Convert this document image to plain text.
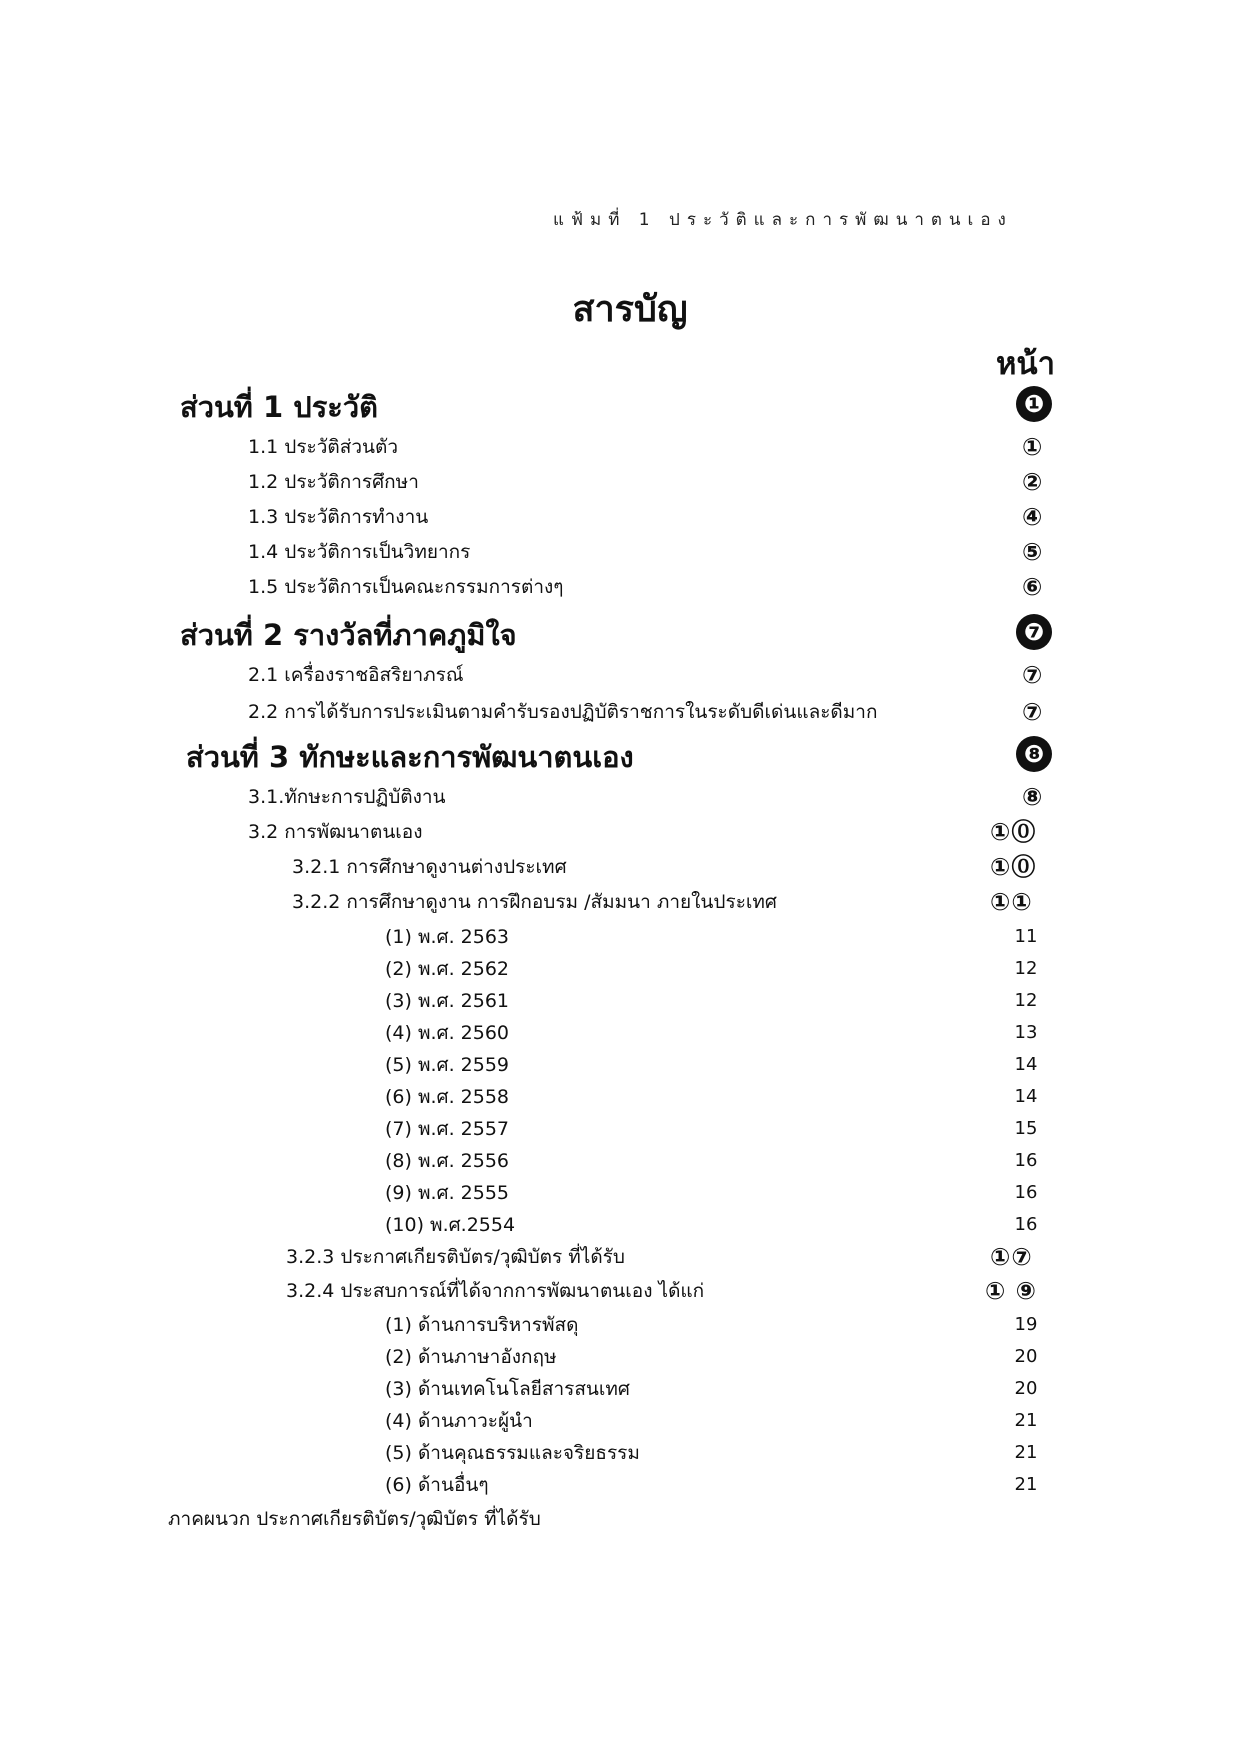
แฟ้มที่ 1 ประวัติและการพัฒนาตนเอง
สารบัญ
หน้า
ส่วนที่ 1 ประวัติ	❶
1.1 ประวัติส่วนตัว	①
1.2 ประวัติการศึกษา	②
1.3 ประวัติการทำงาน	④
1.4 ประวัติการเป็นวิทยากร	⑤
1.5 ประวัติการเป็นคณะกรรมการต่างๆ	⑥
ส่วนที่ 2 รางวัลที่ภาคภูมิใจ	❼
2.1 เครื่องราชอิสริยาภรณ์	⑦
2.2 การได้รับการประเมินตามคำรับรองปฏิบัติราชการในระดับดีเด่นและดีมาก	⑦
ส่วนที่ 3 ทักษะและการพัฒนาตนเอง	❽
3.1.ทักษะการปฏิบัติงาน	⑧
3.2 การพัฒนาตนเอง	①⓪
3.2.1 การศึกษาดูงานต่างประเทศ	①⓪
3.2.2 การศึกษาดูงาน การฝึกอบรม /สัมมนา ภายในประเทศ	①①
(1) พ.ศ. 2563	11
(2) พ.ศ. 2562	12
(3) พ.ศ. 2561	12
(4) พ.ศ. 2560	13
(5) พ.ศ. 2559	14
(6) พ.ศ. 2558	14
(7) พ.ศ. 2557	15
(8) พ.ศ. 2556	16
(9) พ.ศ. 2555	16
(10) พ.ศ.2554	16
3.2.3 ประกาศเกียรติบัตร/วุฒิบัตร ที่ได้รับ	①⑦
3.2.4 ประสบการณ์ที่ได้จากการพัฒนาตนเอง ได้แก่	① ⑨
(1) ด้านการบริหารพัสดุ	19
(2) ด้านภาษาอังกฤษ	20
(3) ด้านเทคโนโลยีสารสนเทศ	20
(4) ด้านภาวะผู้นำ	21
(5) ด้านคุณธรรมและจริยธรรม	21
(6) ด้านอื่นๆ	21
ภาคผนวก ประกาศเกียรติบัตร/วุฒิบัตร ที่ได้รับ
